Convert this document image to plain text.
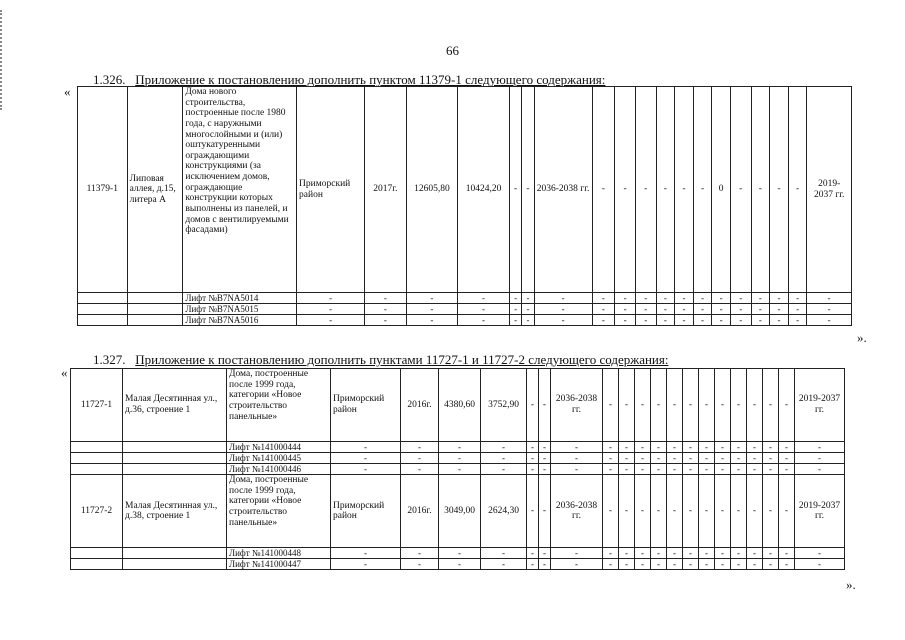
66
1.326. Приложение к постановлению дополнить пунктом 11379-1 следующего содержания:
«
».
11379-1	Липовая аллея, д.15, литера А	Дома нового строительства, построенные после 1980 года, с наружными многослойными и (или) оштукатуренными ограждающими конструкциями (за исключением домов, ограждающие конструкции которых выполнены из панелей, и домов с вентилируемыми фасадами)	Приморский район	2017г.	12605,80	10424,20	-	-	2036-2038 гг.	-	-	-	-	-	-	0	-	-	-	-	2019-2037 гг.
		Лифт №B7NA5014	-	-	-	-	-	-	-	-	-	-	-	-	-	-	-	-	-	-	-
		Лифт №B7NA5015	-	-	-	-	-	-	-	-	-	-	-	-	-	-	-	-	-	-	-
		Лифт №B7NA5016	-	-	-	-	-	-	-	-	-	-	-	-	-	-	-	-	-	-	-
1.327. Приложение к постановлению дополнить пунктами 11727-1 и 11727-2 следующего содержания:
«
».
11727-1	Малая Десятинная ул., д.36, строение 1	Дома, построенные после 1999 года, категории «Новое строительство панельные»	Приморский район	2016г.	4380,60	3752,90	-	-	2036-2038 гг.	-	-	-	-	-	-	-	-	-	-	-	-	2019-2037 гг.
		Лифт №141000444	-	-	-	-	-	-	-	-	-	-	-	-	-	-	-	-	-	-	-	-
		Лифт №141000445	-	-	-	-	-	-	-	-	-	-	-	-	-	-	-	-	-	-	-	-
		Лифт №141000446	-	-	-	-	-	-	-	-	-	-	-	-	-	-	-	-	-	-	-	-
11727-2	Малая Десятинная ул., д.38, строение 1	Дома, построенные после 1999 года, категории «Новое строительство панельные»	Приморский район	2016г.	3049,00	2624,30	-	-	2036-2038 гг.	-	-	-	-	-	-	-	-	-	-	-	-	2019-2037 гг.
		Лифт №141000448	-	-	-	-	-	-	-	-	-	-	-	-	-	-	-	-	-	-	-	-
		Лифт №141000447	-	-	-	-	-	-	-	-	-	-	-	-	-	-	-	-	-	-	-	-
